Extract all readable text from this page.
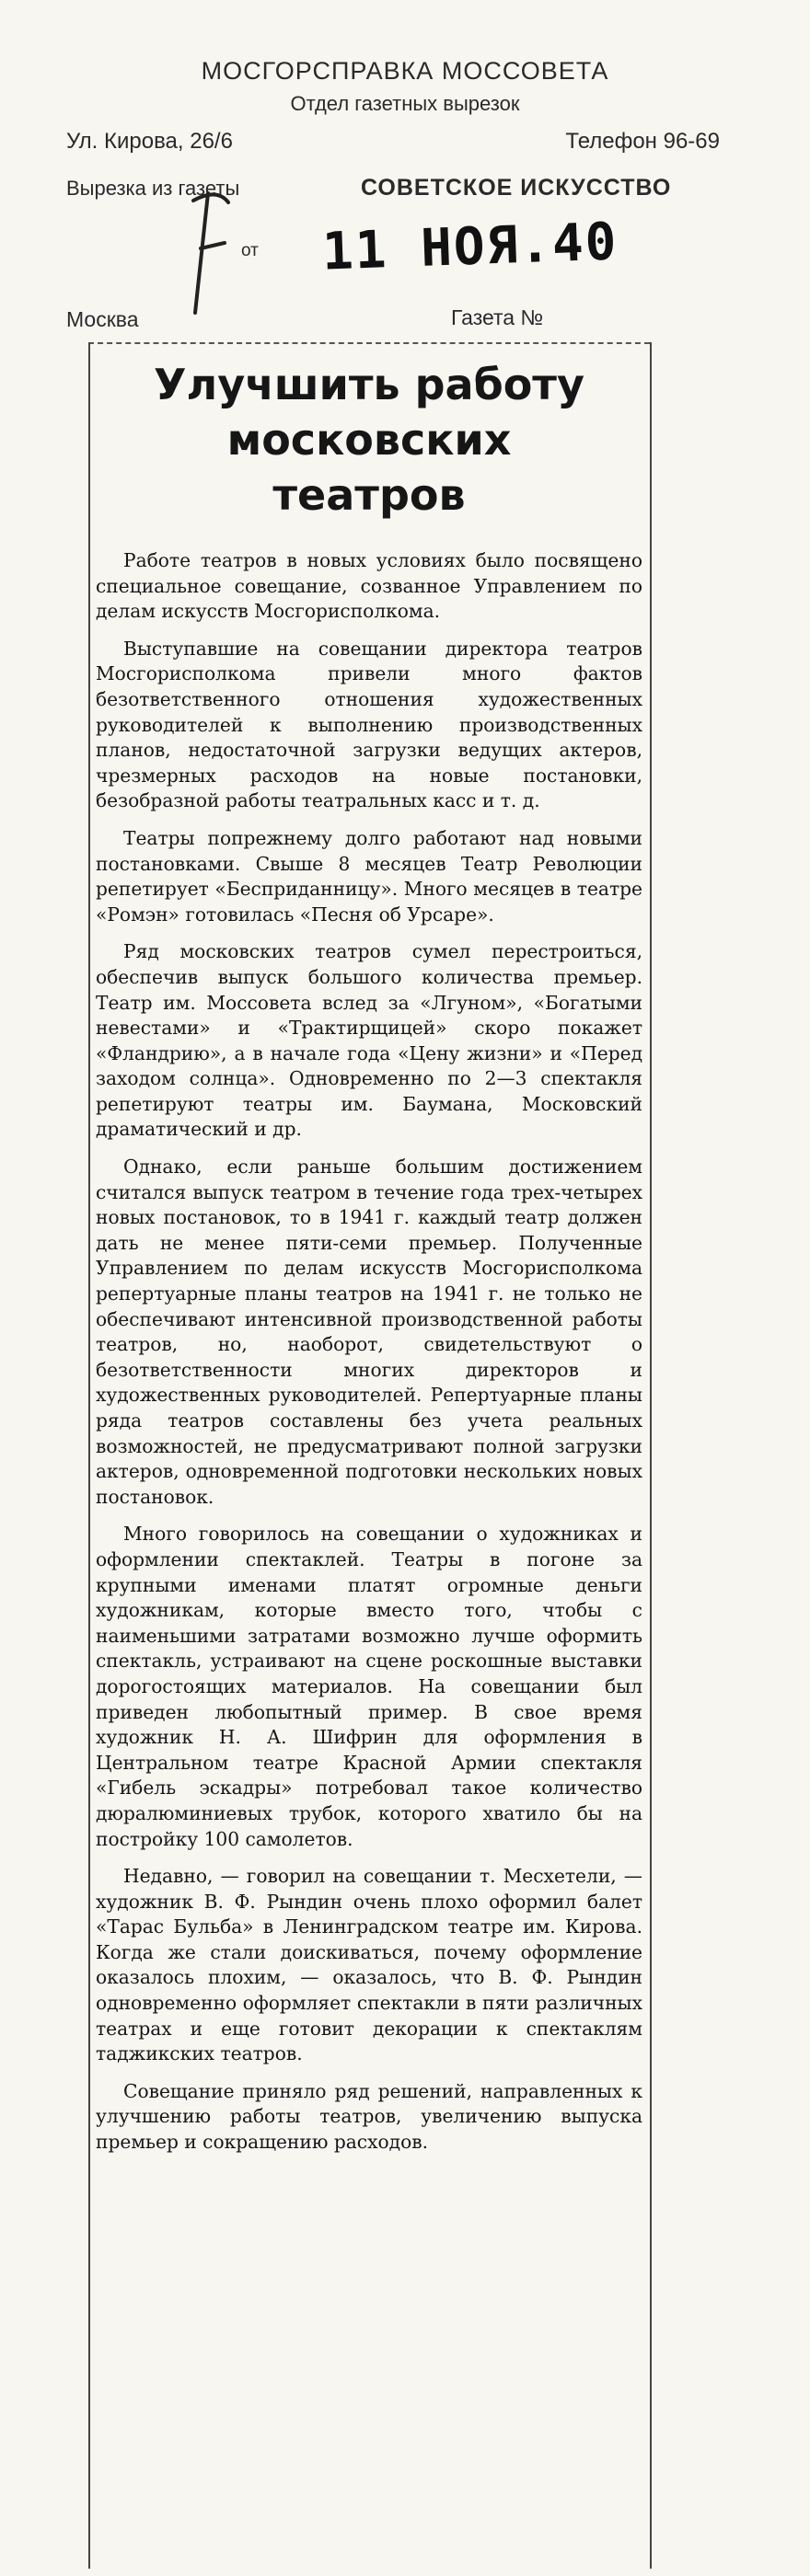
МОСГОРСПРАВКА МОССОВЕТА
Отдел газетных вырезок
Ул. Кирова, 26/6	Телефон 96-69
Вырезка из газеты	СОВЕТСКОЕ ИСКУССТВО
от 11 НОЯ.40
Москва	Газета №
Улучшить работу
московских
театров

Работе театров в новых условиях было посвящено специальное совещание, созванное Управлением по делам искусств Мосгорисполкома.

Выступавшие на совещании директора театров Мосгорисполкома привели много фактов безответственного отношения художественных руководителей к выполнению производственных планов, недостаточной загрузки ведущих актеров, чрезмерных расходов на новые постановки, безобразной работы театральных касс и т. д.

Театры попрежнему долго работают над новыми постановками. Свыше 8 месяцев Театр Революции репетирует «Бесприданницу». Много месяцев в театре «Ромэн» готовилась «Песня об Урсаре».

Ряд московских театров сумел перестроиться, обеспечив выпуск большого количества премьер. Театр им. Моссовета вслед за «Лгуном», «Богатыми невестами» и «Трактирщицей» скоро покажет «Фландрию», а в начале года «Цену жизни» и «Перед заходом солнца». Одновременно по 2—3 спектакля репетируют театры им. Баумана, Московский драматический и др.

Однако, если раньше большим достижением считался выпуск театром в течение года трех-четырех новых постановок, то в 1941 г. каждый театр должен дать не менее пяти-семи премьер. Полученные Управлением по делам искусств Мосгорисполкома репертуарные планы театров на 1941 г. не только не обеспечивают интенсивной производственной работы театров, но, наоборот, свидетельствуют о безответственности многих директоров и художественных руководителей. Репертуарные планы ряда театров составлены без учета реальных возможностей, не предусматривают полной загрузки актеров, одновременной подготовки нескольких новых постановок.

Много говорилось на совещании о художниках и оформлении спектаклей. Театры в погоне за крупными именами платят огромные деньги художникам, которые вместо того, чтобы с наименьшими затратами возможно лучше оформить спектакль, устраивают на сцене роскошные выставки дорогостоящих материалов. На совещании был приведен любопытный пример. В свое время художник Н. А. Шифрин для оформления в Центральном театре Красной Армии спектакля «Гибель эскадры» потребовал такое количество дюралюминиевых трубок, которого хватило бы на постройку 100 самолетов.

Недавно, — говорил на совещании т. Месхетели, — художник В. Ф. Рындин очень плохо оформил балет «Тарас Бульба» в Ленинградском театре им. Кирова. Когда же стали доискиваться, почему оформление оказалось плохим, — оказалось, что В. Ф. Рындин одновременно оформляет спектакли в пяти различных театрах и еще готовит декорации к спектаклям таджикских театров.

Совещание приняло ряд решений, направленных к улучшению работы театров, увеличению выпуска премьер и сокращению расходов.
